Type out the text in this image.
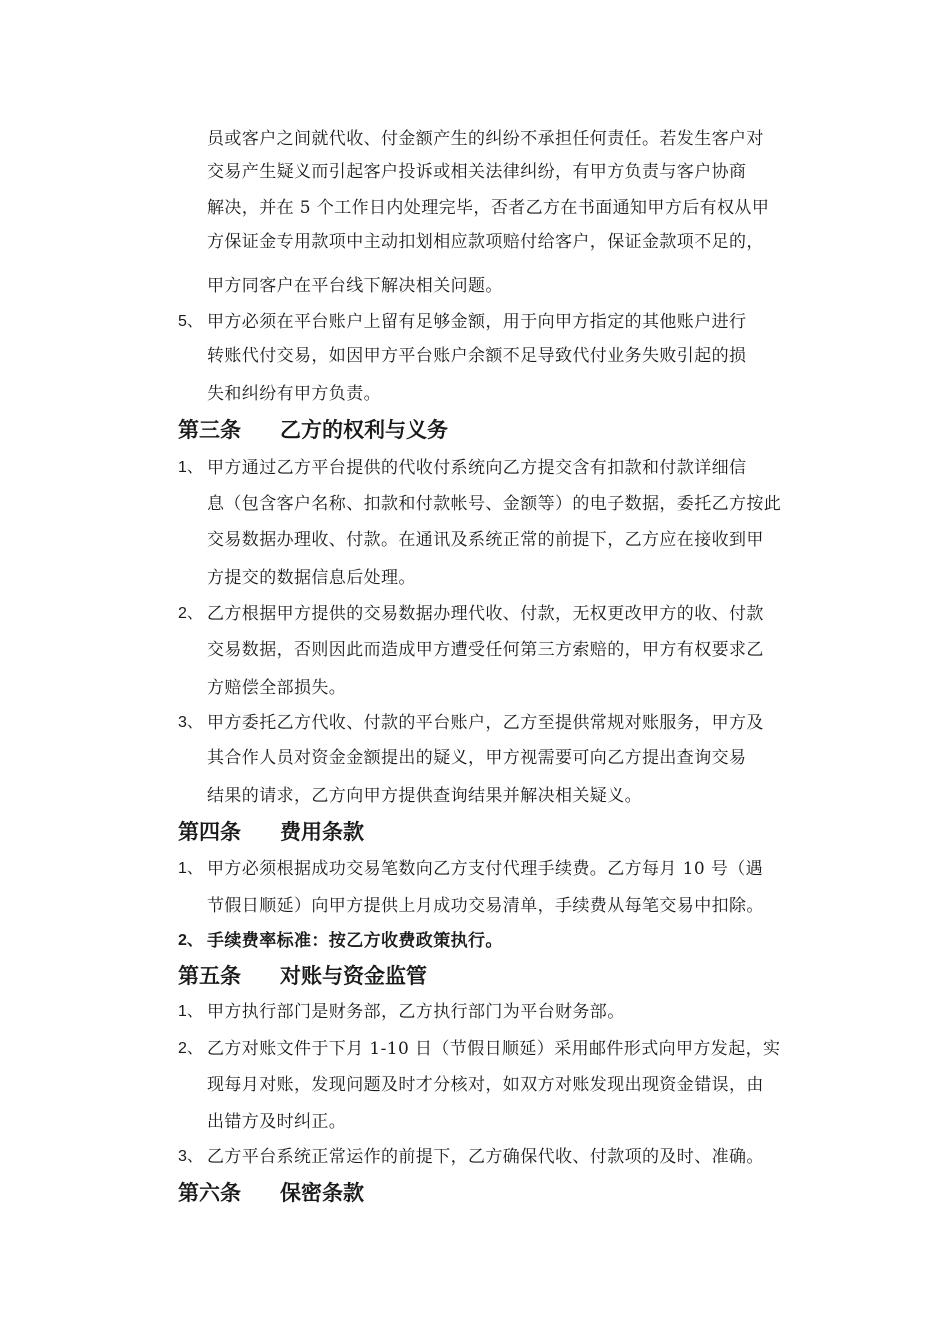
员或客户之间就代收、付金额产生的纠纷不承担任何责任。若发生客户对
交易产生疑义而引起客户投诉或相关法律纠纷，有甲方负责与客户协商
解决，并在 5 个工作日内处理完毕，否者乙方在书面通知甲方后有权从甲
方保证金专用款项中主动扣划相应款项赔付给客户，保证金款项不足的，
甲方同客户在平台线下解决相关问题。
5、 甲方必须在平台账户上留有足够金额，用于向甲方指定的其他账户进行
转账代付交易，如因甲方平台账户余额不足导致代付业务失败引起的损
失和纠纷有甲方负责。
第三条 乙方的权利与义务
1、 甲方通过乙方平台提供的代收付系统向乙方提交含有扣款和付款详细信
息（包含客户名称、扣款和付款帐号、金额等）的电子数据，委托乙方按此
交易数据办理收、付款。在通讯及系统正常的前提下，乙方应在接收到甲
方提交的数据信息后处理。
2、 乙方根据甲方提供的交易数据办理代收、付款，无权更改甲方的收、付款
交易数据，否则因此而造成甲方遭受任何第三方索赔的，甲方有权要求乙
方赔偿全部损失。
3、 甲方委托乙方代收、付款的平台账户，乙方至提供常规对账服务，甲方及
其合作人员对资金金额提出的疑义，甲方视需要可向乙方提出查询交易
结果的请求，乙方向甲方提供查询结果并解决相关疑义。
第四条 费用条款
1、 甲方必须根据成功交易笔数向乙方支付代理手续费。乙方每月 10 号（遇
节假日顺延）向甲方提供上月成功交易清单，手续费从每笔交易中扣除。
2、 手续费率标准：按乙方收费政策执行。
第五条 对账与资金监管
1、 甲方执行部门是财务部，乙方执行部门为平台财务部。
2、 乙方对账文件于下月 1-10 日（节假日顺延）采用邮件形式向甲方发起，实
现每月对账，发现问题及时才分核对，如双方对账发现出现资金错误，由
出错方及时纠正。
3、 乙方平台系统正常运作的前提下，乙方确保代收、付款项的及时、准确。
第六条 保密条款
